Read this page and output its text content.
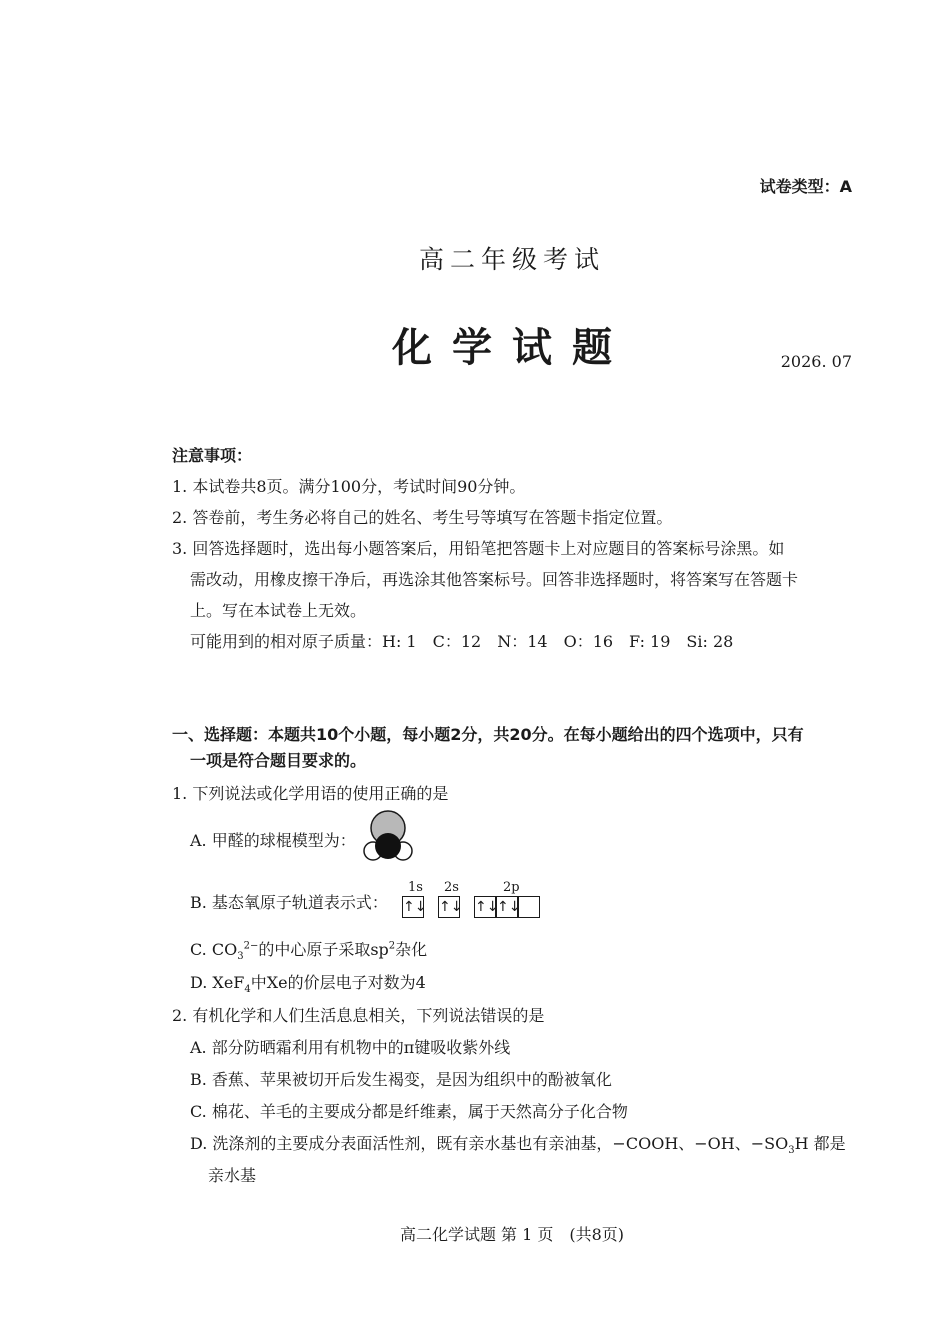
试卷类型：A
高二年级考试
化学试题	2026. 07
注意事项：
1. 本试卷共8页。满分100分，考试时间90分钟。
2. 答卷前，考生务必将自己的姓名、考生号等填写在答题卡指定位置。
3. 回答选择题时，选出每小题答案后，用铅笔把答题卡上对应题目的答案标号涂黑。如
需改动，用橡皮擦干净后，再选涂其他答案标号。回答非选择题时，将答案写在答题卡
上。写在本试卷上无效。
可能用到的相对原子质量：H: 1　C：12　N：14　O：16　F: 19　Si: 28
一、选择题：本题共10个小题，每小题2分，共20分。在每小题给出的四个选项中，只有
一项是符合题目要求的。
1. 下列说法或化学用语的使用正确的是
A. 甲醛的球棍模型为：
B. 基态氧原子轨道表示式：
1s 2s	2p
↑↓ ↑↓ ↑↓
↑↓
C. $CO_3^{2-}$的中心原子采取$sp^2$杂化
D. XeF$_4$中Xe的价层电子对数为4
2. 有机化学和人们生活息息相关，下列说法错误的是
A. 部分防晒霜利用有机物中的π键吸收紫外线
B. 香蕉、苹果被切开后发生褐变，是因为组织中的酚被氧化
C. 棉花、羊毛的主要成分都是纤维素，属于天然高分子化合物
D. 洗涤剂的主要成分表面活性剂，既有亲水基也有亲油基，−COOH、−OH、$-SO_3H$ 都是
亲水基
高二化学试题 第 1 页　(共8页)
